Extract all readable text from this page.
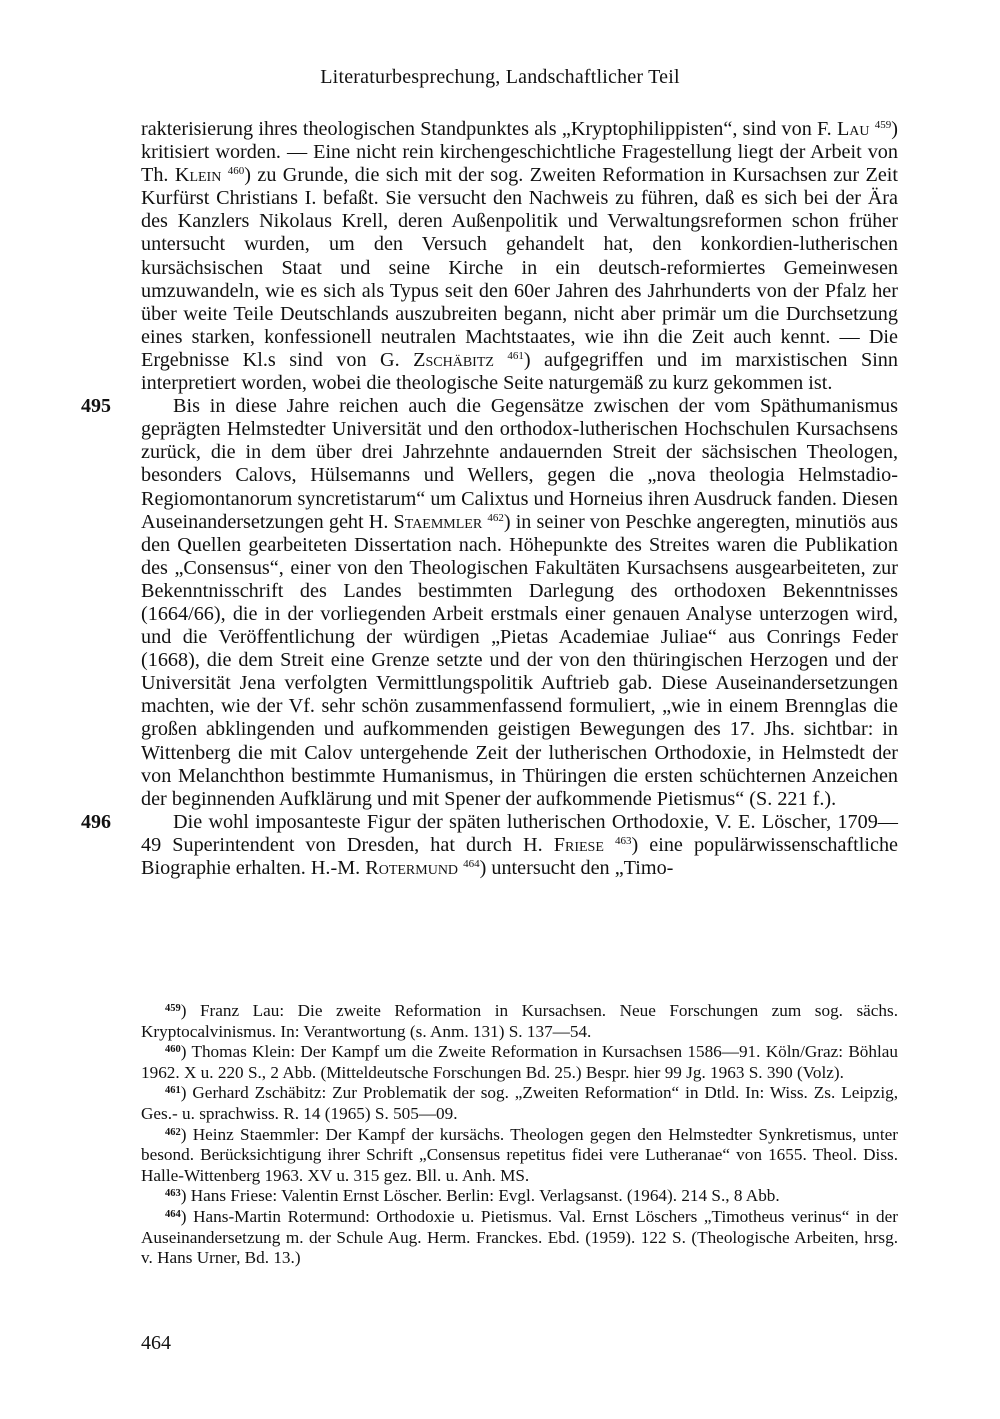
Literaturbesprechung, Landschaftlicher Teil

rakterisierung ihres theologischen Standpunktes als „Kryptophilippisten“, sind von F. Lau $^{459}$) kritisiert worden. — Eine nicht rein kirchengeschichtliche Fragestellung liegt der Arbeit von Th. Klein $^{460}$) zu Grunde, die sich mit der sog. Zweiten Reformation in Kursachsen zur Zeit Kurfürst Christians I. befaßt. Sie versucht den Nachweis zu führen, daß es sich bei der Ära des Kanzlers Nikolaus Krell, deren Außenpolitik und Verwaltungsreformen schon früher untersucht wurden, um den Versuch gehandelt hat, den konkordien-lutherischen kursächsischen Staat und seine Kirche in ein deutsch-reformiertes Gemeinwesen umzuwandeln, wie es sich als Typus seit den 60er Jahren des Jahrhunderts von der Pfalz her über weite Teile Deutschlands auszubreiten begann, nicht aber primär um die Durchsetzung eines starken, konfessionell neutralen Machtstaates, wie ihn die Zeit auch kennt. — Die Ergebnisse Kl.s sind von G. Zschäbitz $^{461}$) aufgegriffen und im marxistischen Sinn interpretiert worden, wobei die theologische Seite naturgemäß zu kurz gekommen ist.

495	Bis in diese Jahre reichen auch die Gegensätze zwischen der vom Späthumanismus geprägten Helmstedter Universität und den orthodox-lutherischen Hochschulen Kursachsens zurück, die in dem über drei Jahrzehnte andauernden Streit der sächsischen Theologen, besonders Calovs, Hülsemanns und Wellers, gegen die „nova theologia Helmstadio-Regiomontanorum syncretistarum“ um Calixtus und Horneius ihren Ausdruck fanden. Diesen Auseinandersetzungen geht H. Staemmler $^{462}$) in seiner von Peschke angeregten, minutiös aus den Quellen gearbeiteten Dissertation nach. Höhepunkte des Streites waren die Publikation des „Consensus“, einer von den Theologischen Fakultäten Kursachsens ausgearbeiteten, zur Bekenntnisschrift des Landes bestimmten Darlegung des orthodoxen Bekenntnisses (1664/66), die in der vorliegenden Arbeit erstmals einer genauen Analyse unterzogen wird, und die Veröffentlichung der würdigen „Pietas Academiae Juliae“ aus Conrings Feder (1668), die dem Streit eine Grenze setzte und der von den thüringischen Herzogen und der Universität Jena verfolgten Vermittlungspolitik Auftrieb gab. Diese Auseinandersetzungen machten, wie der Vf. sehr schön zusammenfassend formuliert, „wie in einem Brennglas die großen abklingenden und aufkommenden geistigen Bewegungen des 17. Jhs. sichtbar: in Wittenberg die mit Calov untergehende Zeit der lutherischen Orthodoxie, in Helmstedt der von Melanchthon bestimmte Humanismus, in Thüringen die ersten schüchternen Anzeichen der beginnenden Aufklärung und mit Spener der aufkommende Pietismus“ (S. 221 f.).

496	Die wohl imposanteste Figur der späten lutherischen Orthodoxie, V. E. Löscher, 1709—49 Superintendent von Dresden, hat durch H. Friese $^{463}$) eine populärwissenschaftliche Biographie erhalten. H.-M. Rotermund $^{464}$) untersucht den „Timo-

$^{459}$) Franz Lau: Die zweite Reformation in Kursachsen. Neue Forschungen zum sog. sächs. Kryptocalvinismus. In: Verantwortung (s. Anm. 131) S. 137—54.

$^{460}$) Thomas Klein: Der Kampf um die Zweite Reformation in Kursachsen 1586—91. Köln/Graz: Böhlau 1962. X u. 220 S., 2 Abb. (Mitteldeutsche Forschungen Bd. 25.) Bespr. hier 99 Jg. 1963 S. 390 (Volz).

$^{461}$) Gerhard Zschäbitz: Zur Problematik der sog. „Zweiten Reformation“ in Dtld. In: Wiss. Zs. Leipzig, Ges.- u. sprachwiss. R. 14 (1965) S. 505—09.

$^{462}$) Heinz Staemmler: Der Kampf der kursächs. Theologen gegen den Helmstedter Synkretismus, unter besond. Berücksichtigung ihrer Schrift „Consensus repetitus fidei vere Lutheranae“ von 1655. Theol. Diss. Halle-Wittenberg 1963. XV u. 315 gez. Bll. u. Anh. MS.

$^{463}$) Hans Friese: Valentin Ernst Löscher. Berlin: Evgl. Verlagsanst. (1964). 214 S., 8 Abb.

$^{464}$) Hans-Martin Rotermund: Orthodoxie u. Pietismus. Val. Ernst Löschers „Timotheus verinus“ in der Auseinandersetzung m. der Schule Aug. Herm. Franckes. Ebd. (1959). 122 S. (Theologische Arbeiten, hrsg. v. Hans Urner, Bd. 13.)

464
